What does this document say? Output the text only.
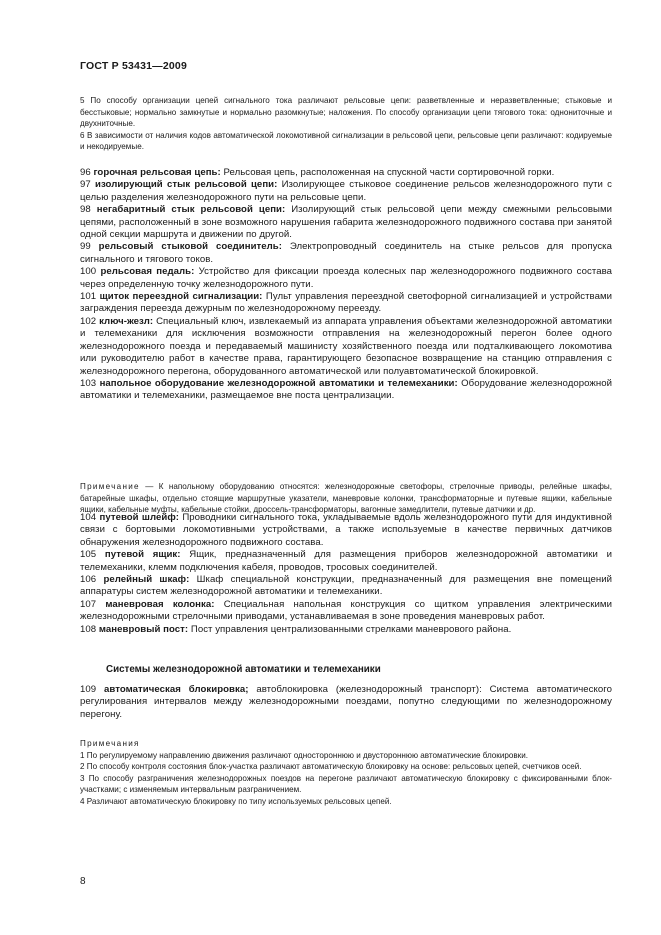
ГОСТ Р 53431—2009

5 По способу организации цепей сигнального тока различают рельсовые цепи: разветвленные и неразветвленные; стыковые и бесстыковые; нормально замкнутые и нормально разомкнутые; наложения. По способу организации цепи тягового тока: однониточные и двухниточные.

6 В зависимости от наличия кодов автоматической локомотивной сигнализации в рельсовой цепи, рельсовые цепи различают: кодируемые и некодируемые.

96 горочная рельсовая цепь: Рельсовая цепь, расположенная на спускной части сортировочной горки.

97 изолирующий стык рельсовой цепи: Изолирующее стыковое соединение рельсов железнодорожного пути с целью разделения железнодорожного пути на рельсовые цепи.

98 негабаритный стык рельсовой цепи: Изолирующий стык рельсовой цепи между смежными рельсовыми цепями, расположенный в зоне возможного нарушения габарита железнодорожного подвижного состава при занятой одной секции маршрута и движении по другой.

99 рельсовый стыковой соединитель: Электропроводный соединитель на стыке рельсов для пропуска сигнального и тягового токов.

100 рельсовая педаль: Устройство для фиксации проезда колесных пар железнодорожного подвижного состава через определенную точку железнодорожного пути.

101 щиток переездной сигнализации: Пульт управления переездной светофорной сигнализацией и устройствами заграждения переезда дежурным по железнодорожному переезду.

102 ключ-жезл: Специальный ключ, извлекаемый из аппарата управления объектами железнодорожной автоматики и телемеханики для исключения возможности отправления на железнодорожный перегон более одного железнодорожного поезда и передаваемый машинисту хозяйственного поезда или подталкивающего локомотива или руководителю работ в качестве права, гарантирующего безопасное возвращение на станцию отправления с железнодорожного перегона, оборудованного автоматической или полуавтоматической блокировкой.

103 напольное оборудование железнодорожной автоматики и телемеханики: Оборудование железнодорожной автоматики и телемеханики, размещаемое вне поста централизации.

Примечание — К напольному оборудованию относятся: железнодорожные светофоры, стрелочные приводы, релейные шкафы, батарейные шкафы, отдельно стоящие маршрутные указатели, маневровые колонки, трансформаторные и путевые ящики, кабельные ящики, кабельные муфты, кабельные стойки, дроссель-трансформаторы, вагонные замедлители, путевые датчики и др.

104 путевой шлейф: Проводники сигнального тока, укладываемые вдоль железнодорожного пути для индуктивной связи с бортовыми локомотивными устройствами, а также используемые в качестве первичных датчиков обнаружения железнодорожного подвижного состава.

105 путевой ящик: Ящик, предназначенный для размещения приборов железнодорожной автоматики и телемеханики, клемм подключения кабеля, проводов, тросовых соединителей.

106 релейный шкаф: Шкаф специальной конструкции, предназначенный для размещения вне помещений аппаратуры систем железнодорожной автоматики и телемеханики.

107 маневровая колонка: Специальная напольная конструкция со щитком управления электрическими железнодорожными стрелочными приводами, устанавливаемая в зоне проведения маневровых работ.

108 маневровый пост: Пост управления централизованными стрелками маневрового района.

Системы железнодорожной автоматики и телемеханики

109 автоматическая блокировка; автоблокировка (железнодорожный транспорт): Система автоматического регулирования интервалов между железнодорожными поездами, попутно следующими по железнодорожному перегону.

Примечания

1 По регулируемому направлению движения различают одностороннюю и двустороннюю автоматические блокировки.

2 По способу контроля состояния блок-участка различают автоматическую блокировку на основе: рельсовых цепей, счетчиков осей.

3 По способу разграничения железнодорожных поездов на перегоне различают автоматическую блокировку с фиксированными блок-участками; с изменяемым интервальным разграничением.

4 Различают автоматическую блокировку по типу используемых рельсовых цепей.

8
